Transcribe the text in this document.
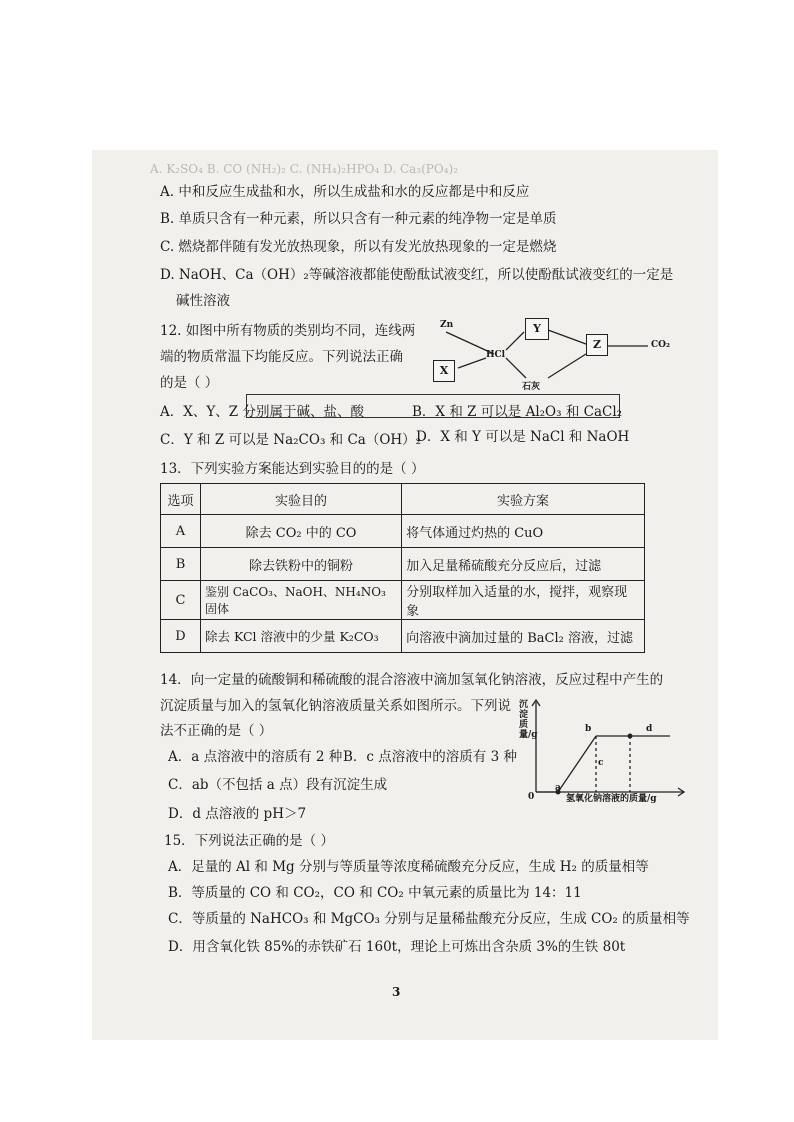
A. K₂SO₄ B. CO (NH₂)₂ C. (NH₄)₂HPO₄ D. Ca₃(PO₄)₂
A. 中和反应生成盐和水，所以生成盐和水的反应都是中和反应
B. 单质只含有一种元素，所以只含有一种元素的纯净物一定是单质
C. 燃烧都伴随有发光放热现象，所以有发光放热现象的一定是燃烧
D. NaOH、Ca（OH）₂等碱溶液都能使酚酞试液变红，所以使酚酞试液变红的一定是
碱性溶液
12. 如图中所有物质的类别均不同，连线两
端的物质常温下均能反应。下列说法正确
的是（ ）
Zn	Y
HCl
Z	CO₂
X
石灰
A．X、Y、Z 分别属于碱、盐、酸	B．X 和 Z 可以是 Al₂O₃ 和 CaCl₂
C．Y 和 Z 可以是 Na₂CO₃ 和 Ca（OH）₂
D．X 和 Y 可以是 NaCl 和 NaOH
13．下列实验方案能达到实验目的的是（ ）
选项	实验目的	实验方案
A	除去 CO₂ 中的 CO	将气体通过灼热的 CuO
B	除去铁粉中的铜粉	加入足量稀硫酸充分反应后，过滤
C	鉴别 CaCO₃、NaOH、NH₄NO₃ 固体	分别取样加入适量的水，搅拌，观察现象
D	除去 KCl 溶液中的少量 K₂CO₃	向溶液中滴加过量的 BaCl₂ 溶液，过滤
14．向一定量的硫酸铜和稀硫酸的混合溶液中滴加氢氧化钠溶液，反应过程中产生的
沉淀质量与加入的氢氧化钠溶液质量关系如图所示。下列说
法不正确的是（ ）
A．a 点溶液中的溶质有 2 种 B．c 点溶液中的溶质有 3 种
C．ab（不包括 a 点）段有沉淀生成
D．d 点溶液的 pH＞7
沉淀质量/g
氢氧化钠溶液的质量/g
0
a
b
c
d
15．下列说法正确的是（ ）
A．足量的 Al 和 Mg 分别与等质量等浓度稀硫酸充分反应，生成 H₂ 的质量相等
B．等质量的 CO 和 CO₂，CO 和 CO₂ 中氧元素的质量比为 14：11
C．等质量的 NaHCO₃ 和 MgCO₃ 分别与足量稀盐酸充分反应，生成 CO₂ 的质量相等
D．用含氧化铁 85%的赤铁矿石 160t，理论上可炼出含杂质 3%的生铁 80t
3
